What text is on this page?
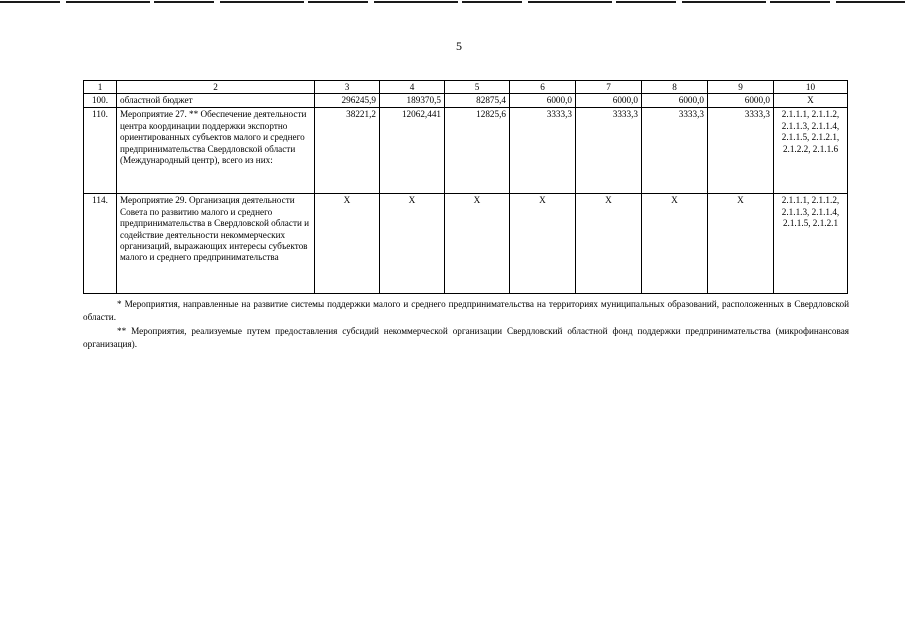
5
1	2	3	4	5	6	7	8	9	10
100.	областной бюджет	296245,9	189370,5	82875,4	6000,0	6000,0	6000,0	6000,0	Х
110.	Мероприятие 27. ** Обеспечение деятельности центра координации поддержки экспортно ориентированных субъектов малого и среднего предпринимательства Свердловской области (Международный центр), всего из них:	38221,2	12062,441	12825,6	3333,3	3333,3	3333,3	3333,3	2.1.1.1, 2.1.1.2, 2.1.1.3, 2.1.1.4, 2.1.1.5, 2.1.2.1, 2.1.2.2, 2.1.1.6
114.	Мероприятие 29. Организация деятельности Совета по развитию малого и среднего предпринимательства в Свердловской области и содействие деятельности некоммерческих организаций, выражающих интересы субъектов малого и среднего предпринимательства	Х	Х	Х	Х	Х	Х	Х	2.1.1.1, 2.1.1.2, 2.1.1.3, 2.1.1.4, 2.1.1.5, 2.1.2.1

* Мероприятия, направленные на развитие системы поддержки малого и среднего предпринимательства на территориях муниципальных образований, расположенных в Свердловской области.

** Мероприятия, реализуемые путем предоставления субсидий некоммерческой организации Свердловский областной фонд поддержки предпринимательства (микрофинансовая организация).
